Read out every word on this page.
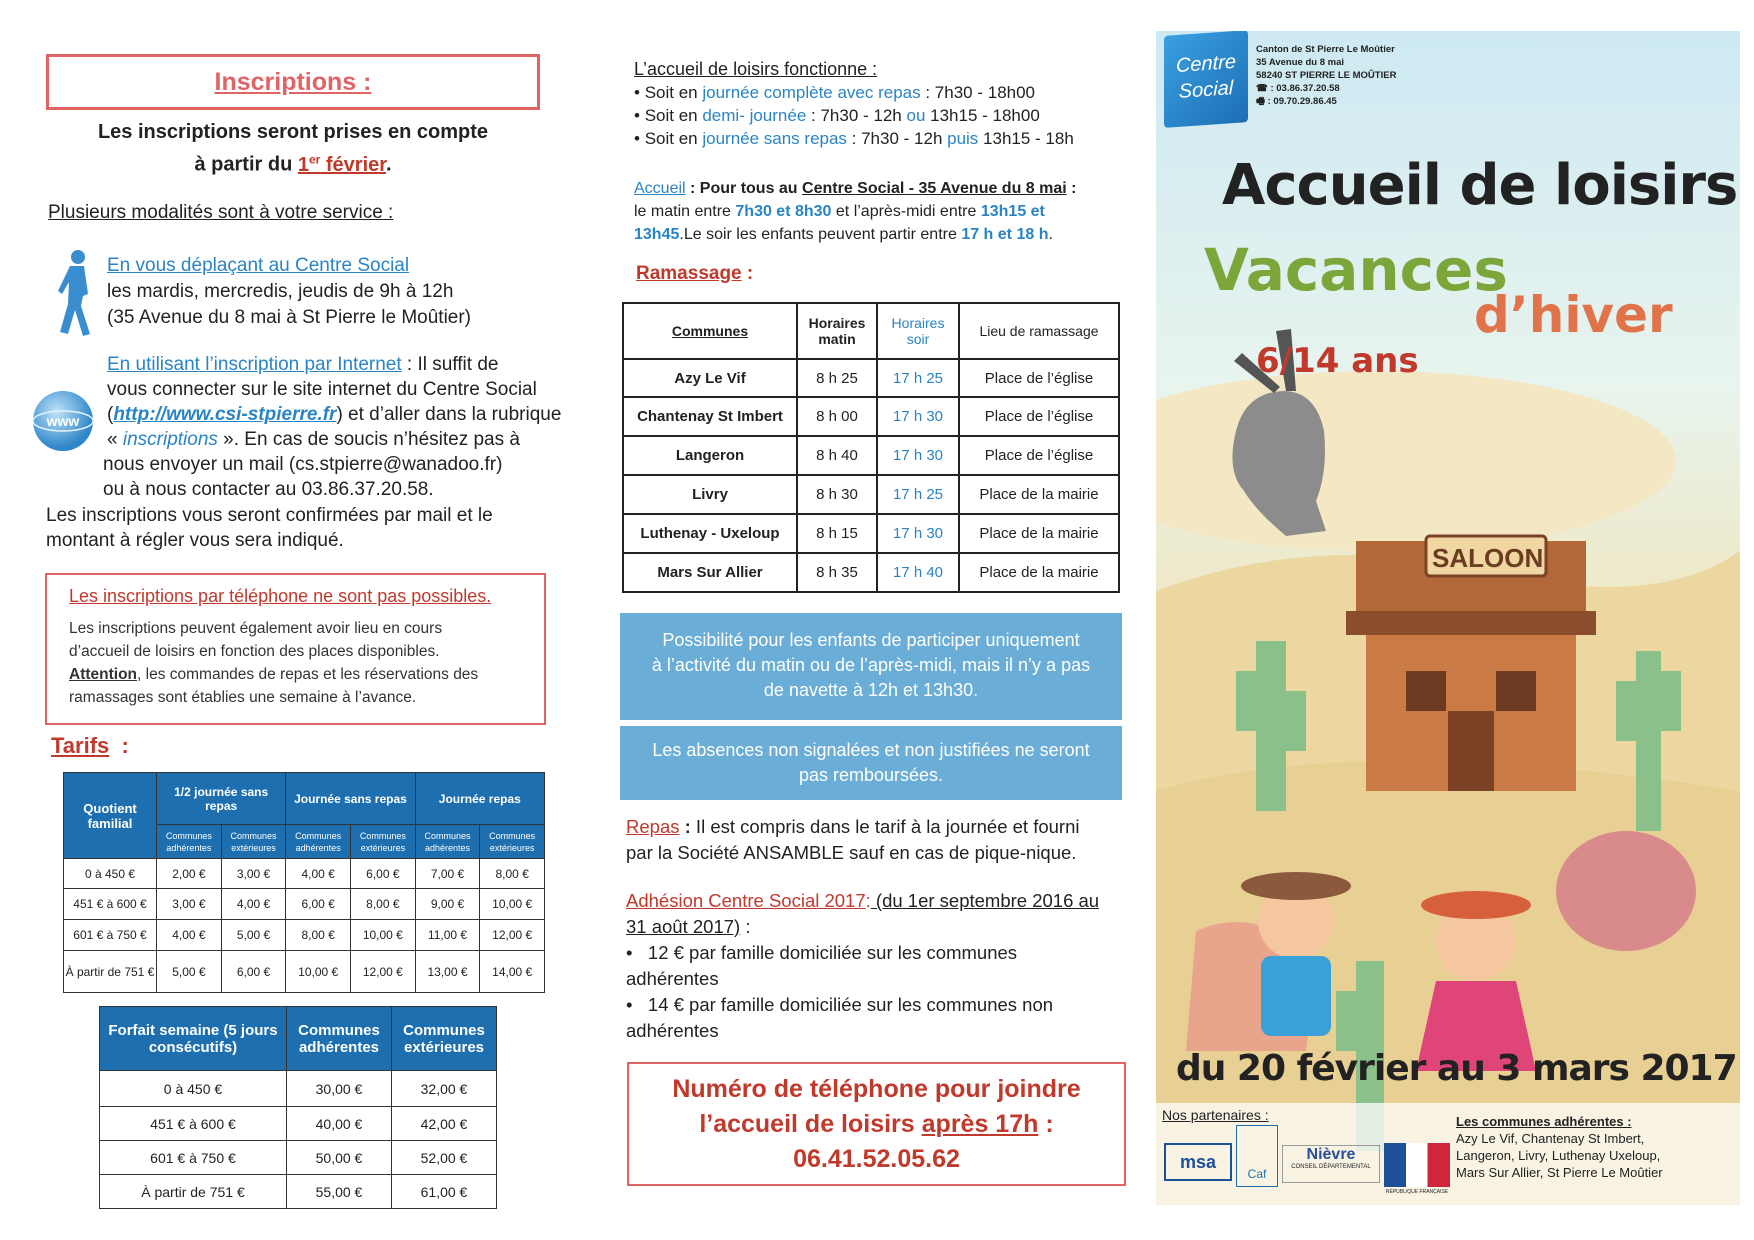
Inscriptions :
Les inscriptions seront prises en compte
à partir du 1er février.
Plusieurs modalités sont à votre service :
En vous déplaçant au Centre Social
les mardis, mercredis, jeudis de 9h à 12h
(35 Avenue du 8 mai à St Pierre le Moûtier)
www
En utilisant l’inscription par Internet : Il suffit de
vous connecter sur le site internet du Centre Social
(http://www.csi-stpierre.fr) et d’aller dans la rubrique
« inscriptions ». En cas de soucis n’hésitez pas à
nous envoyer un mail (cs.stpierre@wanadoo.fr)
ou à nous contacter au 03.86.37.20.58.
Les inscriptions vous seront confirmées par mail et le
montant à régler vous sera indiqué.
Les inscriptions par téléphone ne sont pas possibles.
Les inscriptions peuvent également avoir lieu en cours
d’accueil de loisirs en fonction des places disponibles.
Attention, les commandes de repas et les réservations des
ramassages sont établies une semaine à l’avance.
Tarifs :
Quotient familial	1/2 journée sans repas		Journée sans repas		Journée repas	
	Communes adhérentes	Communes extérieures	Communes adhérentes	Communes extérieures	Communes adhérentes	Communes extérieures
0 à 450 €	2,00 €	3,00 €	4,00 €	6,00 €	7,00 €	8,00 €
451 € à 600 €	3,00 €	4,00 €	6,00 €	8,00 €	9,00 €	10,00 €
601 € à 750 €	4,00 €	5,00 €	8,00 €	10,00 €	11,00 €	12,00 €
À partir de 751 €	5,00 €	6,00 €	10,00 €	12,00 €	13,00 €	14,00 €
Forfait semaine (5 jours consécutifs)	Communes adhérentes	Communes extérieures
0 à 450 €	30,00 €	32,00 €
451 € à 600 €	40,00 €	42,00 €
601 € à 750 €	50,00 €	52,00 €
À partir de 751 €	55,00 €	61,00 €
L’accueil de loisirs fonctionne :
• Soit en journée complète avec repas : 7h30 - 18h00
• Soit en demi- journée : 7h30 - 12h ou 13h15 - 18h00
• Soit en journée sans repas : 7h30 - 12h puis 13h15 - 18h
Accueil : Pour tous au Centre Social - 35 Avenue du 8 mai :
le matin entre 7h30 et 8h30 et l’après-midi entre 13h15 et
13h45.Le soir les enfants peuvent partir entre 17 h et 18 h.
Ramassage :
Communes	Horaires matin	Horaires soir	Lieu de ramassage
Azy Le Vif	8 h 25	17 h 25	Place de l’église
Chantenay St Imbert	8 h 00	17 h 30	Place de l’église
Langeron	8 h 40	17 h 30	Place de l’église
Livry	8 h 30	17 h 25	Place de la mairie
Luthenay - Uxeloup	8 h 15	17 h 30	Place de la mairie
Mars Sur Allier	8 h 35	17 h 40	Place de la mairie
Possibilité pour les enfants de participer uniquement
à l’activité du matin ou de l’après-midi, mais il n’y a pas
de navette à 12h et 13h30.
Les absences non signalées et non justifiées ne seront
pas remboursées.
Repas : Il est compris dans le tarif à la journée et fourni
par la Société ANSAMBLE sauf en cas de pique-nique.
Adhésion Centre Social 2017: (du 1er septembre 2016 au
31 août 2017) :
•   12 € par famille domiciliée sur les communes
adhérentes
•   14 € par famille domiciliée sur les communes non
adhérentes
Numéro de téléphone pour joindre
l’accueil de loisirs après 17h :
06.41.52.05.62
Centre
Social
Canton de St Pierre Le Moûtier
35 Avenue du 8 mai
58240 ST PIERRE LE MOÛTIER
☎ : 03.86.37.20.58
🖷 : 09.70.29.86.45
Accueil de loisirs
Vacances
d’hiver
6/14 ans
SALOON
du 20 février au 3 mars 2017
Nos partenaires :
msa
Caf
Nièvre
CONSEIL DÉPARTEMENTAL
RÉPUBLIQUE FRANÇAISE
Les communes adhérentes :
Azy Le Vif, Chantenay St Imbert,
Langeron, Livry, Luthenay Uxeloup,
Mars Sur Allier, St Pierre Le Moûtier
